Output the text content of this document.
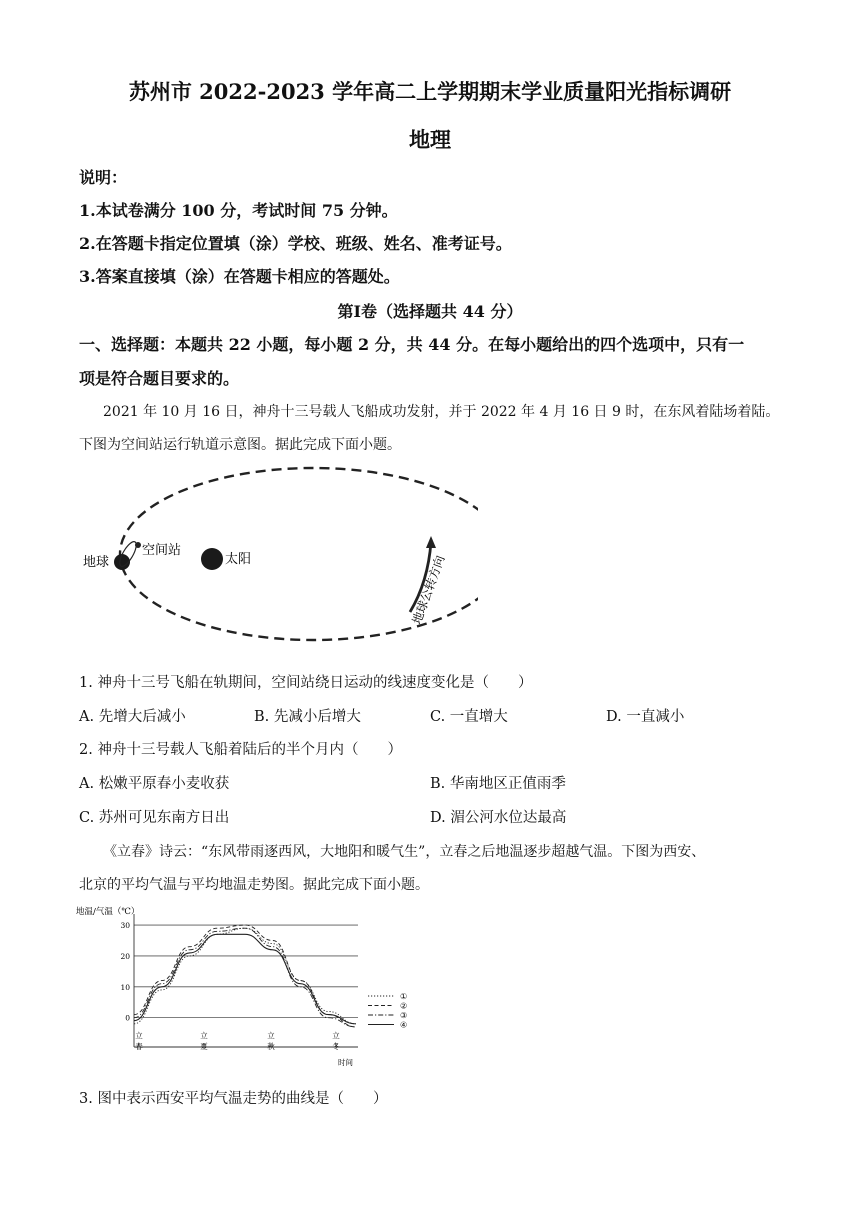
苏州市 2022-2023 学年高二上学期期末学业质量阳光指标调研
地理
说明：
1.本试卷满分 100 分，考试时间 75 分钟。
2.在答题卡指定位置填（涂）学校、班级、姓名、准考证号。
3.答案直接填（涂）在答题卡相应的答题处。
第Ⅰ卷（选择题共 44 分）
一、选择题：本题共 22 小题，每小题 2 分，共 44 分。在每小题给出的四个选项中，只有一
项是符合题目要求的。
2021 年 10 月 16 日，神舟十三号载人飞船成功发射，并于 2022 年 4 月 16 日 9 时，在东风着陆场着陆。
下图为空间站运行轨道示意图。据此完成下面小题。
地球
空间站
太阳	地球公转方向
1. 神舟十三号飞船在轨期间，空间站绕日运动的线速度变化是（　　）
A. 先增大后减小	B. 先减小后增大	C. 一直增大	D. 一直减小
2. 神舟十三号载人飞船着陆后的半个月内（　　）
A. 松嫩平原春小麦收获	B. 华南地区正值雨季
C. 苏州可见东南方日出	D. 湄公河水位达最高
《立春》诗云：“东风带雨逐西风，大地阳和暖气生”，立春之后地温逐步超越气温。下图为西安、
北京的平均气温与平均地温走势图。据此完成下面小题。
地温/气温（℃）
0
10
20
30
立
春
立
夏
立
秋
立
冬
①
②
③
④
时间
3. 图中表示西安平均气温走势的曲线是（　　）
